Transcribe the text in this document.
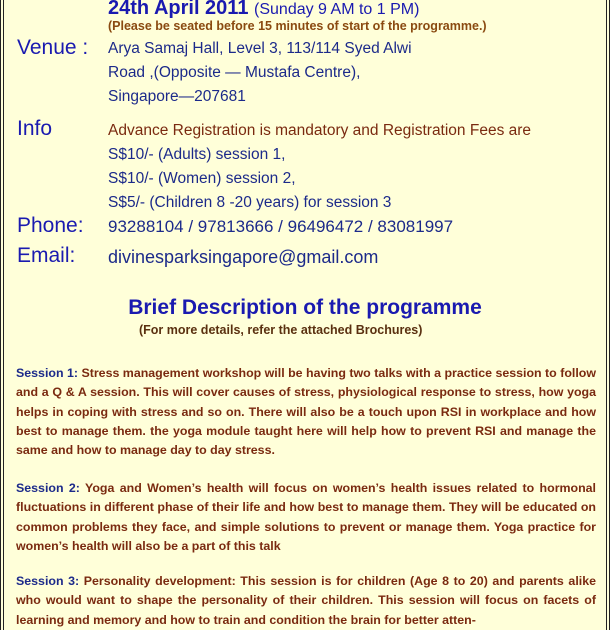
24th April 2011 (Sunday 9 AM to 1 PM)
(Please be seated before 15 minutes of start of the programme.)
Venue : Arya Samaj Hall, Level 3, 113/114 Syed Alwi
Road ,(Opposite — Mustafa Centre),
Singapore—207681
Info	Advance Registration is mandatory and Registration Fees are
S$10/- (Adults) session 1,
S$10/- (Women) session 2,
S$5/- (Children 8 -20 years) for session 3
Phone: 93288104 / 97813666 / 96496472 / 83081997
Email: divinesparksingapore@gmail.com
Brief Description of the programme
(For more details, refer the attached Brochures)
Session 1: Stress management workshop will be having two talks with a practice session to follow and a Q & A session. This will cover causes of stress, physiological response to stress, how yoga helps in coping with stress and so on. There will also be a touch upon RSI in workplace and how best to manage them. the yoga module taught here will help how to prevent RSI and manage the same and how to manage day to day stress.
Session 2: Yoga and Women’s health will focus on women’s health issues related to hormonal fluctuations in different phase of their life and how best to manage them. They will be educated on common problems they face, and simple solutions to prevent or manage them. Yoga practice for women’s health will also be a part of this talk
Session 3: Personality development: This session is for children (Age 8 to 20) and parents alike who would want to shape the personality of their children. This session will focus on facets of learning and memory and how to train and condition the brain for better atten-
